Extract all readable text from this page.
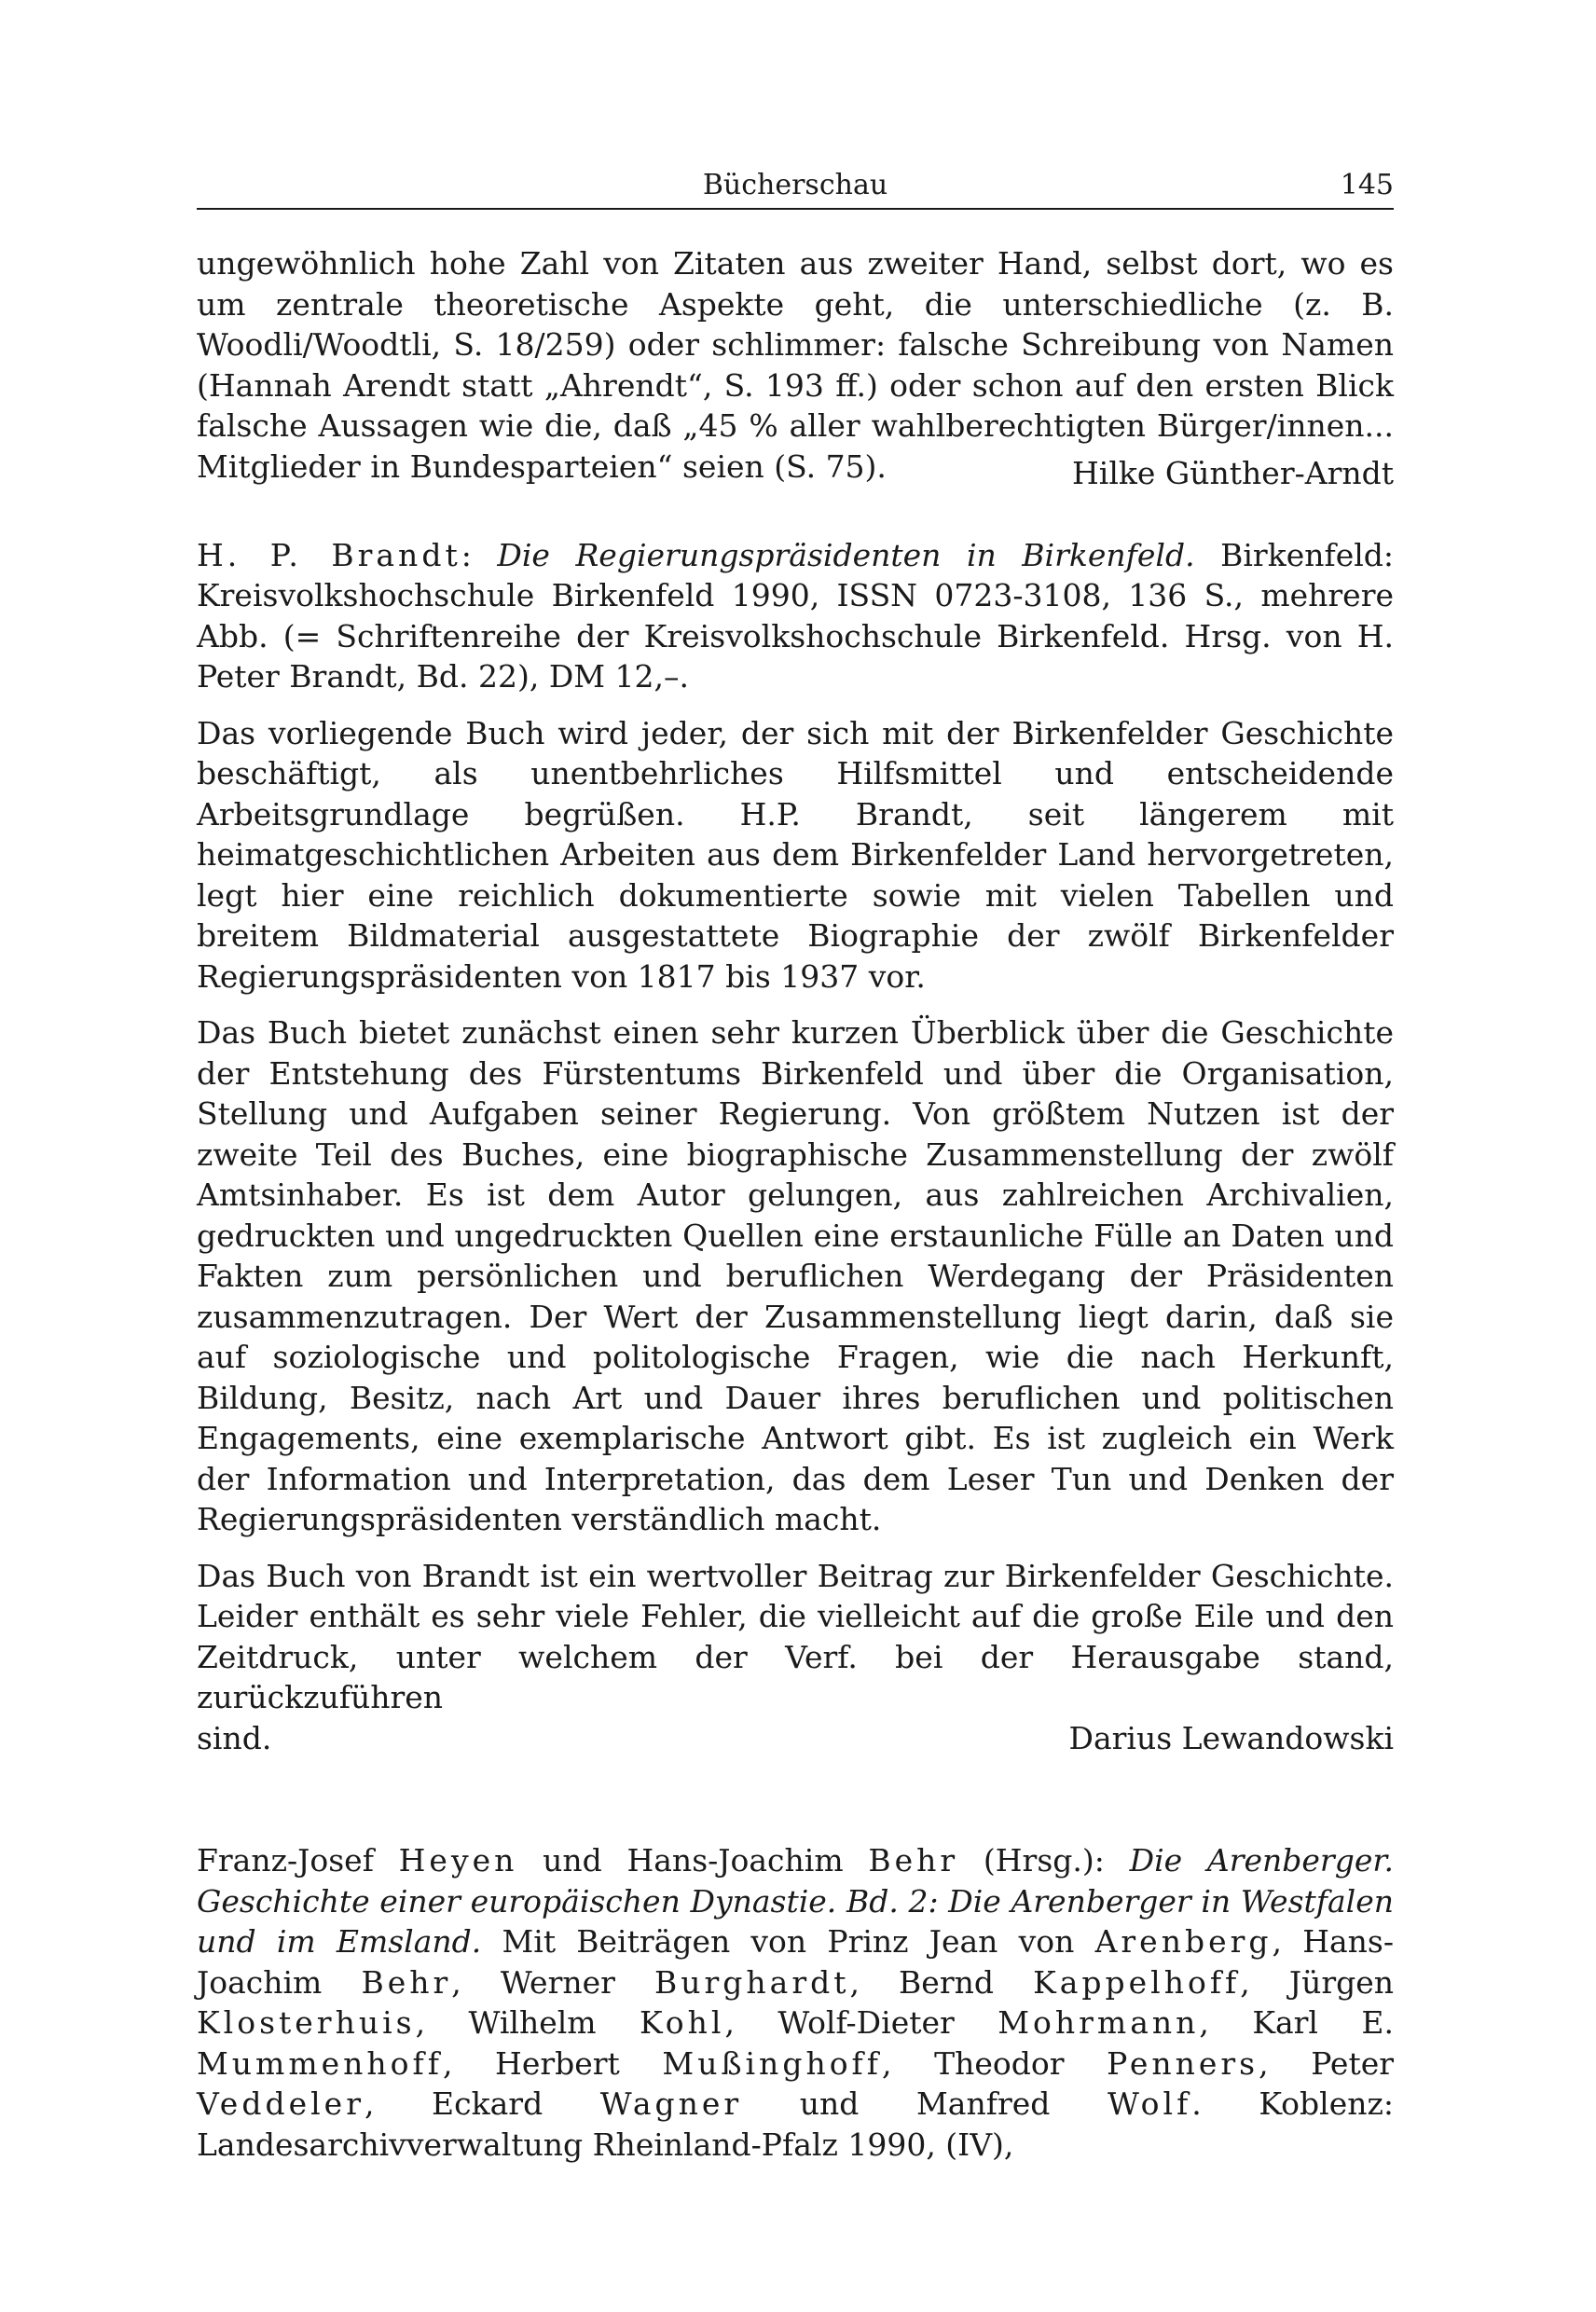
Bücherschau	145

ungewöhnlich hohe Zahl von Zitaten aus zweiter Hand, selbst dort, wo es um zentrale theoretische Aspekte geht, die unterschiedliche (z. B. Woodli/Woodtli, S. 18/259) oder schlimmer: falsche Schreibung von Namen (Hannah Arendt statt „Ahrendt“, S. 193 ff.) oder schon auf den ersten Blick falsche Aussagen wie die, daß „45 % aller wahlberechtigten Bürger/innen... Mitglieder in Bundesparteien“ seien (S. 75).	Hilke Günther-Arndt

H. P. Brandt: Die Regierungspräsidenten in Birkenfeld. Birkenfeld: Kreisvolkshochschule Birkenfeld 1990, ISSN 0723-3108, 136 S., mehrere Abb. (= Schriftenreihe der Kreisvolkshochschule Birkenfeld. Hrsg. von H. Peter Brandt, Bd. 22), DM 12,–.

Das vorliegende Buch wird jeder, der sich mit der Birkenfelder Geschichte beschäftigt, als unentbehrliches Hilfsmittel und entscheidende Arbeitsgrundlage begrüßen. H.P. Brandt, seit längerem mit heimatgeschichtlichen Arbeiten aus dem Birkenfelder Land hervorgetreten, legt hier eine reichlich dokumentierte sowie mit vielen Tabellen und breitem Bildmaterial ausgestattete Biographie der zwölf Birkenfelder Regierungspräsidenten von 1817 bis 1937 vor.

Das Buch bietet zunächst einen sehr kurzen Überblick über die Geschichte der Entstehung des Fürstentums Birkenfeld und über die Organisation, Stellung und Aufgaben seiner Regierung. Von größtem Nutzen ist der zweite Teil des Buches, eine biographische Zusammenstellung der zwölf Amtsinhaber. Es ist dem Autor gelungen, aus zahlreichen Archivalien, gedruckten und ungedruckten Quellen eine erstaunliche Fülle an Daten und Fakten zum persönlichen und beruflichen Werdegang der Präsidenten zusammenzutragen. Der Wert der Zusammenstellung liegt darin, daß sie auf soziologische und politologische Fragen, wie die nach Herkunft, Bildung, Besitz, nach Art und Dauer ihres beruflichen und politischen Engagements, eine exemplarische Antwort gibt. Es ist zugleich ein Werk der Information und Interpretation, das dem Leser Tun und Denken der Regierungspräsidenten verständlich macht.

Das Buch von Brandt ist ein wertvoller Beitrag zur Birkenfelder Geschichte. Leider enthält es sehr viele Fehler, die vielleicht auf die große Eile und den Zeitdruck, unter welchem der Verf. bei der Herausgabe stand, zurückzuführen

sind.	Darius Lewandowski

Franz-Josef Heyen und Hans-Joachim Behr (Hrsg.): Die Arenberger. Geschichte einer europäischen Dynastie. Bd. 2: Die Arenberger in Westfalen und im Emsland. Mit Beiträgen von Prinz Jean von Arenberg, Hans-Joachim Behr, Werner Burghardt, Bernd Kappelhoff, Jürgen Klosterhuis, Wilhelm Kohl, Wolf-Dieter Mohrmann, Karl E. Mummenhoff, Herbert Mußinghoff, Theodor Penners, Peter Veddeler, Eckard Wagner und Manfred Wolf. Koblenz: Landesarchivverwaltung Rheinland-Pfalz 1990, (IV),
